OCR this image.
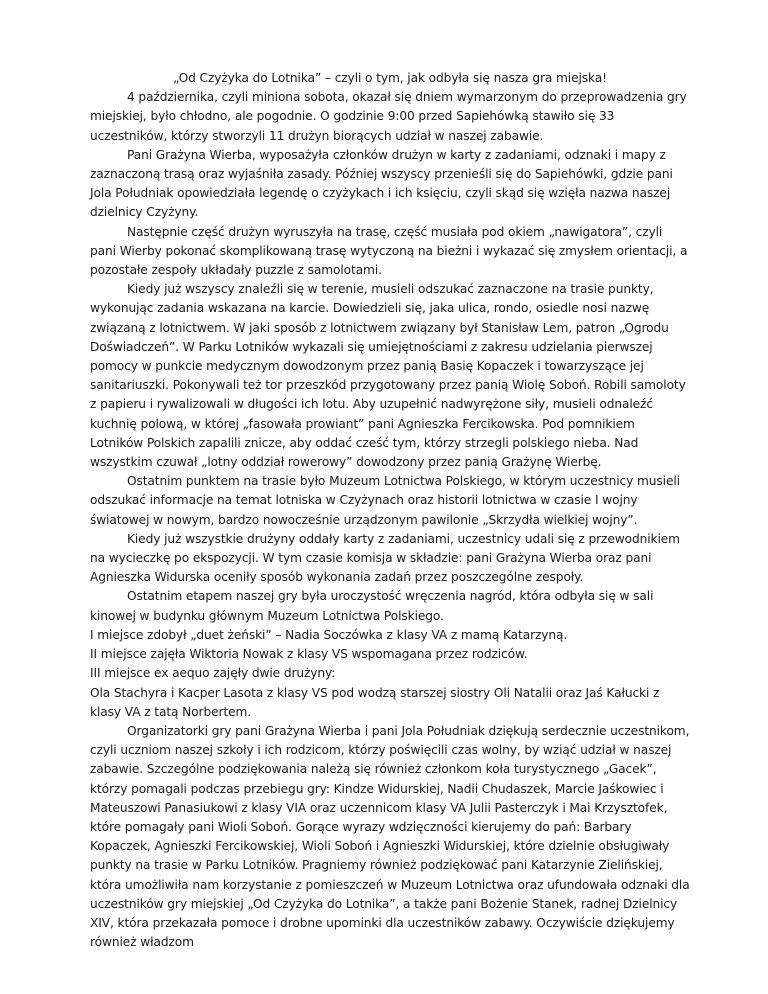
„Od Czyżyka do Lotnika” – czyli o tym, jak odbyła się nasza gra miejska!

4 października, czyli miniona sobota, okazał się dniem wymarzonym do przeprowadzenia gry miejskiej, było chłodno, ale pogodnie. O godzinie 9:00 przed Sapiehówką stawiło się 33 uczestników, którzy stworzyli 11 drużyn biorących udział w naszej zabawie.

Pani Grażyna Wierba, wyposażyła członków drużyn w karty z zadaniami, odznaki i mapy z zaznaczoną trasą oraz wyjaśniła zasady. Później wszyscy przenieśli się do Sapiehówki, gdzie pani Jola Południak opowiedziała legendę o czyżykach i ich księciu, czyli skąd się wzięła nazwa naszej dzielnicy Czyżyny.

Następnie część drużyn wyruszyła na trasę, część musiała pod okiem „nawigatora”, czyli pani Wierby pokonać skomplikowaną trasę wytyczoną na bieżni i wykazać się zmysłem orientacji, a pozostałe zespoły układały puzzle z samolotami.

Kiedy już wszyscy znaleźli się w terenie, musieli odszukać zaznaczone na trasie punkty, wykonując zadania wskazana na karcie. Dowiedzieli się, jaka ulica, rondo, osiedle nosi nazwę związaną z lotnictwem. W jaki sposób z lotnictwem związany był Stanisław Lem, patron „Ogrodu Doświadczeń”. W Parku Lotników wykazali się umiejętnościami z zakresu udzielania pierwszej pomocy w punkcie medycznym dowodzonym przez panią Basię Kopaczek i towarzyszące jej sanitariuszki. Pokonywali też tor przeszkód przygotowany przez panią Wiolę Soboń. Robili samoloty z papieru i rywalizowali w długości ich lotu. Aby uzupełnić nadwyrężone siły, musieli odnaleźć kuchnię polową, w której „fasowała prowiant” pani Agnieszka Fercikowska. Pod pomnikiem Lotników Polskich zapalili znicze, aby oddać cześć tym, którzy strzegli polskiego nieba. Nad wszystkim czuwał „lotny oddział rowerowy” dowodzony przez panią Grażynę Wierbę.

Ostatnim punktem na trasie było Muzeum Lotnictwa Polskiego, w którym uczestnicy musieli odszukać informacje na temat lotniska w Czyżynach oraz historii lotnictwa w czasie I wojny światowej w nowym, bardzo nowocześnie urządzonym pawilonie „Skrzydła wielkiej wojny”.

Kiedy już wszystkie drużyny oddały karty z zadaniami, uczestnicy udali się z przewodnikiem na wycieczkę po ekspozycji. W tym czasie komisja w składzie: pani Grażyna Wierba oraz pani Agnieszka Widurska oceniły sposób wykonania zadań przez poszczególne zespoły.

Ostatnim etapem naszej gry była uroczystość wręczenia nagród, która odbyła się w sali kinowej w budynku głównym Muzeum Lotnictwa Polskiego.

I miejsce zdobył „duet żeński” – Nadia Soczówka z klasy VA z mamą Katarzyną.

II miejsce zajęła Wiktoria Nowak z klasy VS wspomagana przez rodziców.

III miejsce ex aequo zajęły dwie drużyny:

Ola Stachyra i Kacper Lasota z klasy VS pod wodzą starszej siostry Oli Natalii oraz Jaś Kałucki z klasy VA z tatą Norbertem.

Organizatorki gry pani Grażyna Wierba i pani Jola Południak dziękują serdecznie uczestnikom, czyli uczniom naszej szkoły i ich rodzicom, którzy poświęcili czas wolny, by wziąć udział w naszej zabawie. Szczególne podziękowania należą się również członkom koła turystycznego „Gacek”, którzy pomagali podczas przebiegu gry: Kindze Widurskiej, Nadii Chudaszek, Marcie Jaśkowiec i Mateuszowi Panasiukowi z klasy VIA oraz uczennicom klasy VA Julii Pasterczyk i Mai Krzysztofek, które pomagały pani Wioli Soboń. Gorące wyrazy wdzięczności kierujemy do pań: Barbary Kopaczek, Agnieszki Fercikowskiej, Wioli Soboń i Agnieszki Widurskiej, które dzielnie obsługiwały punkty na trasie w Parku Lotników. Pragniemy również podziękować pani Katarzynie Zielińskiej, która umożliwiła nam korzystanie z pomieszczeń w Muzeum Lotnictwa oraz ufundowała odznaki dla uczestników gry miejskiej „Od Czyżyka do Lotnika”, a także pani Bożenie Stanek, radnej Dzielnicy XIV, która przekazała pomoce i drobne upominki dla uczestników zabawy. Oczywiście dziękujemy również władzom
